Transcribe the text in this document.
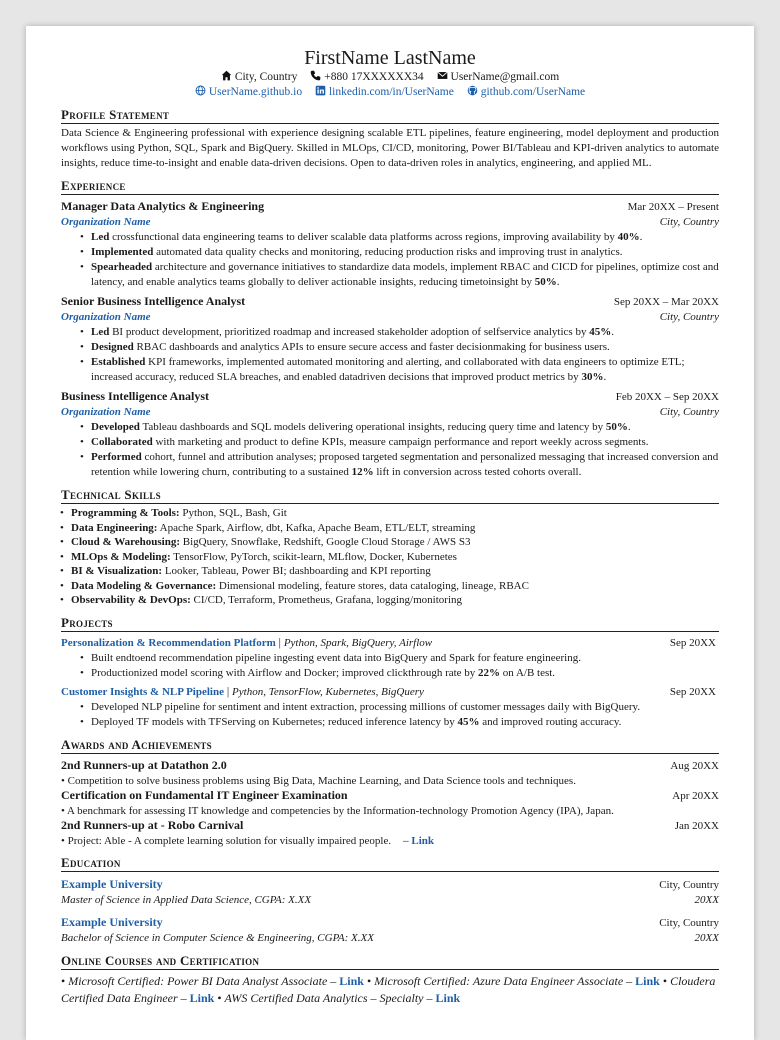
FirstName LastName
City, Country +880 17XXXXXX34 UserName@gmail.com
UserName.github.io linkedin.com/in/UserName github.com/UserName
Profile Statement
Data Science & Engineering professional with experience designing scalable ETL pipelines, feature engineering, model deployment and production workflows using Python, SQL, Spark and BigQuery. Skilled in MLOps, CI/CD, monitoring, Power BI/Tableau and KPI-driven analytics to automate insights, reduce time-to-insight and enable data-driven decisions. Open to data-driven roles in analytics, engineering, and applied ML.
Experience
Manager Data Analytics & Engineering	Mar 20XX – Present
Organization Name	City, Country
• Led crossfunctional data engineering teams to deliver scalable data platforms across regions, improving availability by 40%.
• Implemented automated data quality checks and monitoring, reducing production risks and improving trust in analytics.
• Spearheaded architecture and governance initiatives to standardize data models, implement RBAC and CICD for pipelines, optimize cost and latency, and enable analytics teams globally to deliver actionable insights, reducing timetoinsight by 50%.
Senior Business Intelligence Analyst	Sep 20XX – Mar 20XX
Organization Name	City, Country
• Led BI product development, prioritized roadmap and increased stakeholder adoption of selfservice analytics by 45%.
• Designed RBAC dashboards and analytics APIs to ensure secure access and faster decisionmaking for business users.
• Established KPI frameworks, implemented automated monitoring and alerting, and collaborated with data engineers to optimize ETL; increased accuracy, reduced SLA breaches, and enabled datadriven decisions that improved product metrics by 30%.
Business Intelligence Analyst	Feb 20XX – Sep 20XX
Organization Name	City, Country
• Developed Tableau dashboards and SQL models delivering operational insights, reducing query time and latency by 50%.
• Collaborated with marketing and product to define KPIs, measure campaign performance and report weekly across segments.
• Performed cohort, funnel and attribution analyses; proposed targeted segmentation and personalized messaging that increased conversion and retention while lowering churn, contributing to a sustained 12% lift in conversion across tested cohorts overall.
Technical Skills
• Programming & Tools: Python, SQL, Bash, Git
• Data Engineering: Apache Spark, Airflow, dbt, Kafka, Apache Beam, ETL/ELT, streaming
• Cloud & Warehousing: BigQuery, Snowflake, Redshift, Google Cloud Storage / AWS S3
• MLOps & Modeling: TensorFlow, PyTorch, scikit-learn, MLflow, Docker, Kubernetes
• BI & Visualization: Looker, Tableau, Power BI; dashboarding and KPI reporting
• Data Modeling & Governance: Dimensional modeling, feature stores, data cataloging, lineage, RBAC
• Observability & DevOps: CI/CD, Terraform, Prometheus, Grafana, logging/monitoring
Projects
Personalization & Recommendation Platform | Python, Spark, BigQuery, Airflow	Sep 20XX
• Built endtoend recommendation pipeline ingesting event data into BigQuery and Spark for feature engineering.
• Productionized model scoring with Airflow and Docker; improved clickthrough rate by 22% on A/B test.
Customer Insights & NLP Pipeline | Python, TensorFlow, Kubernetes, BigQuery	Sep 20XX
• Developed NLP pipeline for sentiment and intent extraction, processing millions of customer messages daily with BigQuery.
• Deployed TF models with TFServing on Kubernetes; reduced inference latency by 45% and improved routing accuracy.
Awards and Achievements
2nd Runners-up at Datathon 2.0	Aug 20XX
• Competition to solve business problems using Big Data, Machine Learning, and Data Science tools and techniques.
Certification on Fundamental IT Engineer Examination	Apr 20XX
• A benchmark for assessing IT knowledge and competencies by the Information-technology Promotion Agency (IPA), Japan.
2nd Runners-up at - Robo Carnival	Jan 20XX
• Project: Able - A complete learning solution for visually impaired people. – Link
Education
Example University	City, Country
Master of Science in Applied Data Science, CGPA: X.XX	20XX
Example University	City, Country
Bachelor of Science in Computer Science & Engineering, CGPA: X.XX	20XX
Online Courses and Certification
• Microsoft Certified: Power BI Data Analyst Associate – Link • Microsoft Certified: Azure Data Engineer Associate – Link • Cloudera Certified Data Engineer – Link • AWS Certified Data Analytics – Specialty – Link
